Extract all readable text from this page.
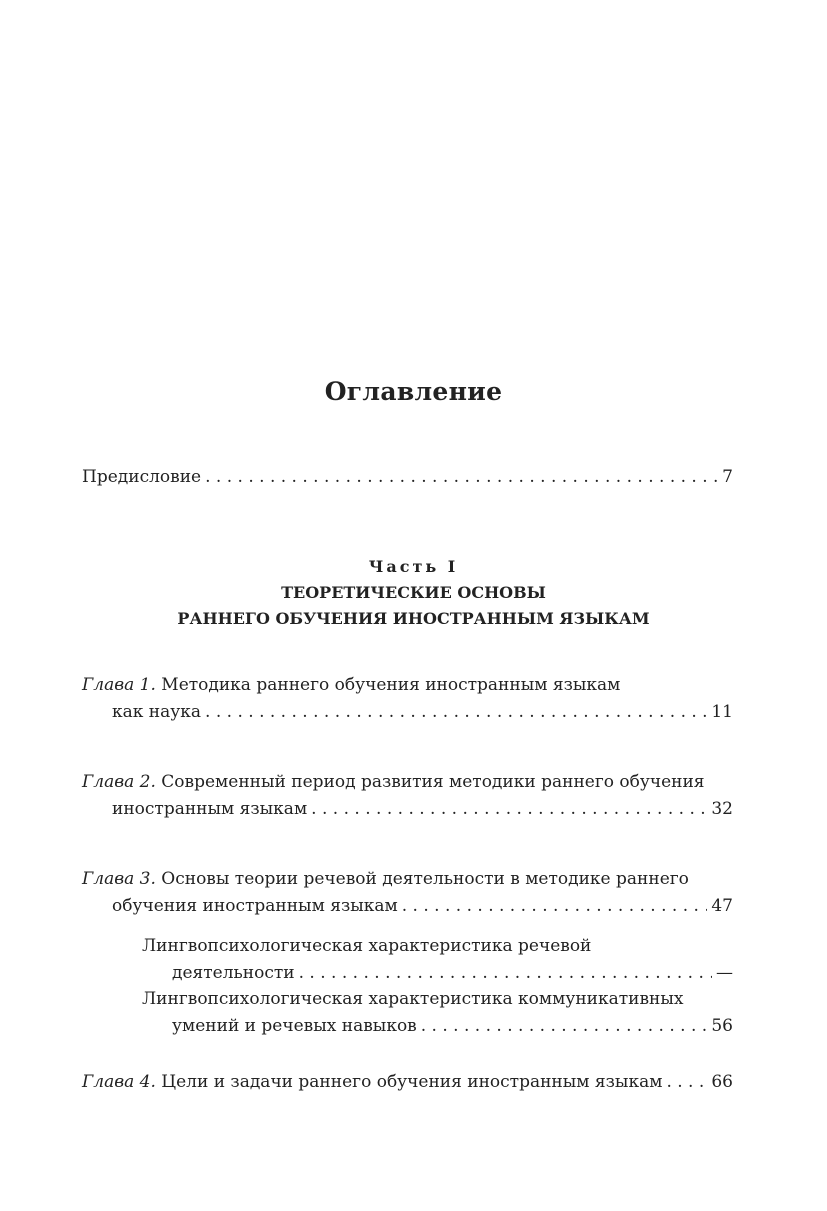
Оглавление
Предисловие . . .	7
Часть I
ТЕОРЕТИЧЕСКИЕ ОСНОВЫ
РАННЕГО ОБУЧЕНИЯ ИНОСТРАННЫМ ЯЗЫКАМ
Глава 1. Методика раннего обучения иностранным языкам
как наука . . .	11
Глава 2. Современный период развития методики раннего обучения
иностранным языкам . . .	32
Глава 3. Основы теории речевой деятельности в методике раннего
обучения иностранным языкам . . .	47
Лингвопсихологическая характеристика речевой
деятельности . . .	—
Лингвопсихологическая характеристика коммуникативных
умений и речевых навыков . . .	56
Глава 4. Цели и задачи раннего обучения иностранным языкам . . .	66
